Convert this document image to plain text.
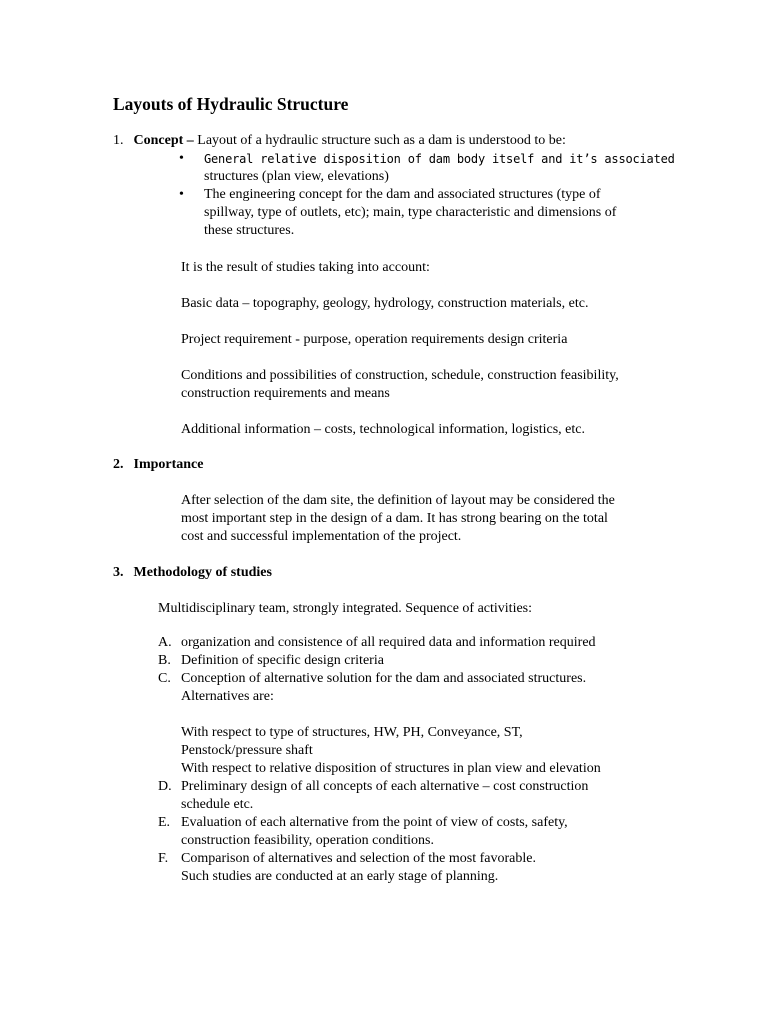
Layouts of Hydraulic Structure
1. Concept – Layout of a hydraulic structure such as a dam is understood to be:
• General relative disposition of dam body itself and it’s associated
structures (plan view, elevations)
• The engineering concept for the dam and associated structures (type of
spillway, type of outlets, etc); main, type characteristic and dimensions of
these structures.
It is the result of studies taking into account:
Basic data – topography, geology, hydrology, construction materials, etc.
Project requirement - purpose, operation requirements design criteria
Conditions and possibilities of construction, schedule, construction feasibility,
construction requirements and means
Additional information – costs, technological information, logistics, etc.
2. Importance
After selection of the dam site, the definition of layout may be considered the
most important step in the design of a dam. It has strong bearing on the total
cost and successful implementation of the project.
3. Methodology of studies
Multidisciplinary team, strongly integrated. Sequence of activities:
A. organization and consistence of all required data and information required
B. Definition of specific design criteria
C. Conception of alternative solution for the dam and associated structures.
Alternatives are:
With respect to type of structures, HW, PH, Conveyance, ST,
Penstock/pressure shaft
With respect to relative disposition of structures in plan view and elevation
D. Preliminary design of all concepts of each alternative – cost construction
schedule etc.
E. Evaluation of each alternative from the point of view of costs, safety,
construction feasibility, operation conditions.
F. Comparison of alternatives and selection of the most favorable.
Such studies are conducted at an early stage of planning.
